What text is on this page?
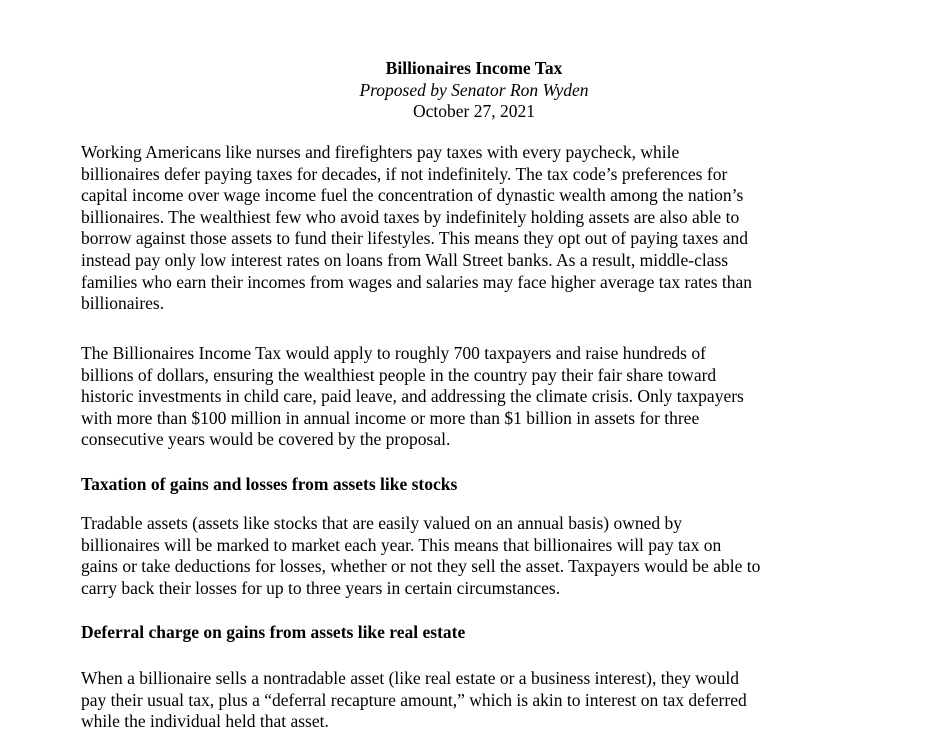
Billionaires Income Tax
Proposed by Senator Ron Wyden
October 27, 2021

Working Americans like nurses and firefighters pay taxes with every paycheck, while
billionaires defer paying taxes for decades, if not indefinitely. The tax code’s preferences for
capital income over wage income fuel the concentration of dynastic wealth among the nation’s
billionaires. The wealthiest few who avoid taxes by indefinitely holding assets are also able to
borrow against those assets to fund their lifestyles. This means they opt out of paying taxes and
instead pay only low interest rates on loans from Wall Street banks. As a result, middle-class
families who earn their incomes from wages and salaries may face higher average tax rates than
billionaires.

The Billionaires Income Tax would apply to roughly 700 taxpayers and raise hundreds of
billions of dollars, ensuring the wealthiest people in the country pay their fair share toward
historic investments in child care, paid leave, and addressing the climate crisis. Only taxpayers
with more than $100 million in annual income or more than $1 billion in assets for three
consecutive years would be covered by the proposal.

Taxation of gains and losses from assets like stocks

Tradable assets (assets like stocks that are easily valued on an annual basis) owned by
billionaires will be marked to market each year. This means that billionaires will pay tax on
gains or take deductions for losses, whether or not they sell the asset. Taxpayers would be able to
carry back their losses for up to three years in certain circumstances.

Deferral charge on gains from assets like real estate

When a billionaire sells a nontradable asset (like real estate or a business interest), they would
pay their usual tax, plus a “deferral recapture amount,” which is akin to interest on tax deferred
while the individual held that asset.
